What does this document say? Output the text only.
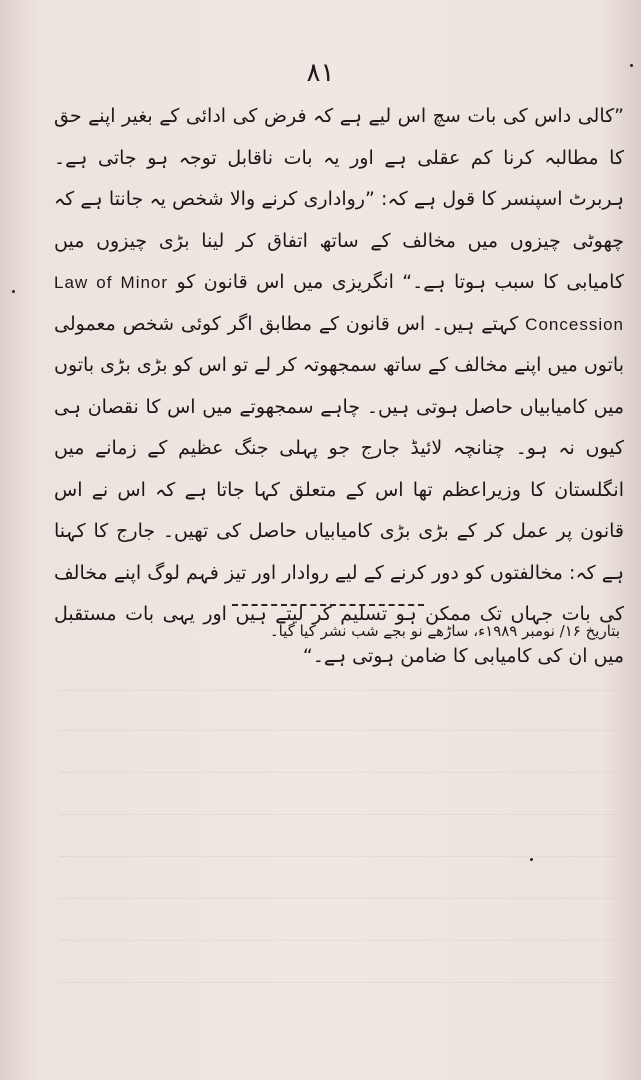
۸۱

”کالی داس کی بات سچ اس لیے ہے کہ فرض کی ادائی کے بغیر اپنے حق کا مطالبہ کرنا کم عقلی ہے اور یہ بات ناقابل توجہ ہو جاتی ہے۔ ہربرٹ اسپنسر کا قول ہے کہ: ”رواداری کرنے والا شخص یہ جانتا ہے کہ چھوٹی چیزوں میں مخالف کے ساتھ اتفاق کر لینا بڑی چیزوں میں کامیابی کا سبب ہوتا ہے۔“ انگریزی میں اس قانون کو Law of Minor Concession کہتے ہیں۔ اس قانون کے مطابق اگر کوئی شخص معمولی باتوں میں اپنے مخالف کے ساتھ سمجھوتہ کر لے تو اس کو بڑی بڑی باتوں میں کامیابیاں حاصل ہوتی ہیں۔ چاہے سمجھوتے میں اس کا نقصان ہی کیوں نہ ہو۔ چنانچہ لائیڈ جارج جو پہلی جنگ عظیم کے زمانے میں انگلستان کا وزیراعظم تھا اس کے متعلق کہا جاتا ہے کہ اس نے اس قانون پر عمل کر کے بڑی بڑی کامیابیاں حاصل کی تھیں۔ جارج کا کہنا ہے کہ: مخالفتوں کو دور کرنے کے لیے روادار اور تیز فہم لوگ اپنے مخالف کی بات جہاں تک ممکن ہو تسلیم کر لیتے ہیں اور یہی بات مستقبل میں ان کی کامیابی کا ضامن ہوتی ہے۔“

بتاریخ ۱۶/ نومبر ۱۹۸۹ء، ساڑھے نو بجے شب نشر کیا گیا۔
